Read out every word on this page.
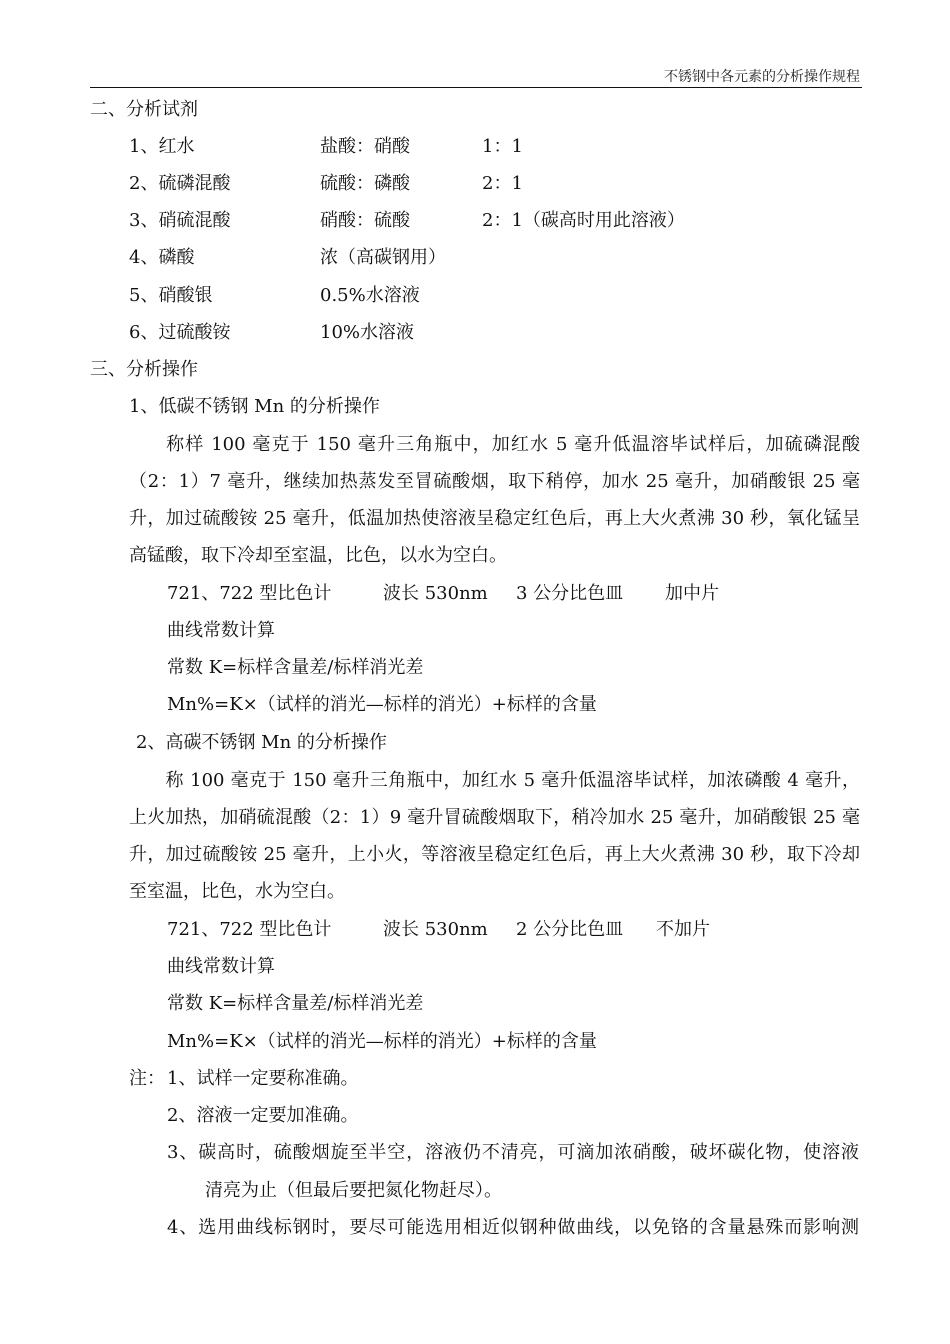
不锈钢中各元素的分析操作规程
二、分析试剂
1、红水	盐酸：硝酸	1：1
2、硫磷混酸	硫酸：磷酸	2：1
3、硝硫混酸	硝酸：硫酸	2：1（碳高时用此溶液）
4、磷酸	浓（高碳钢用）
5、硝酸银	0.5%水溶液
6、过硫酸铵	10%水溶液
三、分析操作
1、低碳不锈钢 Mn 的分析操作
称样 100 毫克于 150 毫升三角瓶中，加红水 5 毫升低温溶毕试样后，加硫磷混酸（2：1）7 毫升，继续加热蒸发至冒硫酸烟，取下稍停，加水 25 毫升，加硝酸银 25 毫升，加过硫酸铵 25 毫升，低温加热使溶液呈稳定红色后，再上大火煮沸 30 秒，氧化锰呈高锰酸，取下冷却至室温，比色，以水为空白。
721、722 型比色计	波长 530nm 3 公分比色皿 加中片
曲线常数计算
常数 K=标样含量差/标样消光差
Mn%=K×（试样的消光—标样的消光）+标样的含量
2、高碳不锈钢 Mn 的分析操作
称 100 毫克于 150 毫升三角瓶中，加红水 5 毫升低温溶毕试样，加浓磷酸 4 毫升，上火加热，加硝硫混酸（2：1）9 毫升冒硫酸烟取下，稍冷加水 25 毫升，加硝酸银 25 毫升，加过硫酸铵 25 毫升，上小火，等溶液呈稳定红色后，再上大火煮沸 30 秒，取下冷却至室温，比色，水为空白。
721、722 型比色计	波长 530nm 2 公分比色皿 不加片
曲线常数计算
常数 K=标样含量差/标样消光差
Mn%=K×（试样的消光—标样的消光）+标样的含量
注： 1、试样一定要称准确。
2、溶液一定要加准确。
3、碳高时，硫酸烟旋至半空，溶液仍不清亮，可滴加浓硝酸，破坏碳化物，使溶液
清亮为止（但最后要把氮化物赶尽）。
4、选用曲线标钢时，要尽可能选用相近似钢种做曲线，以免铬的含量悬殊而影响测
